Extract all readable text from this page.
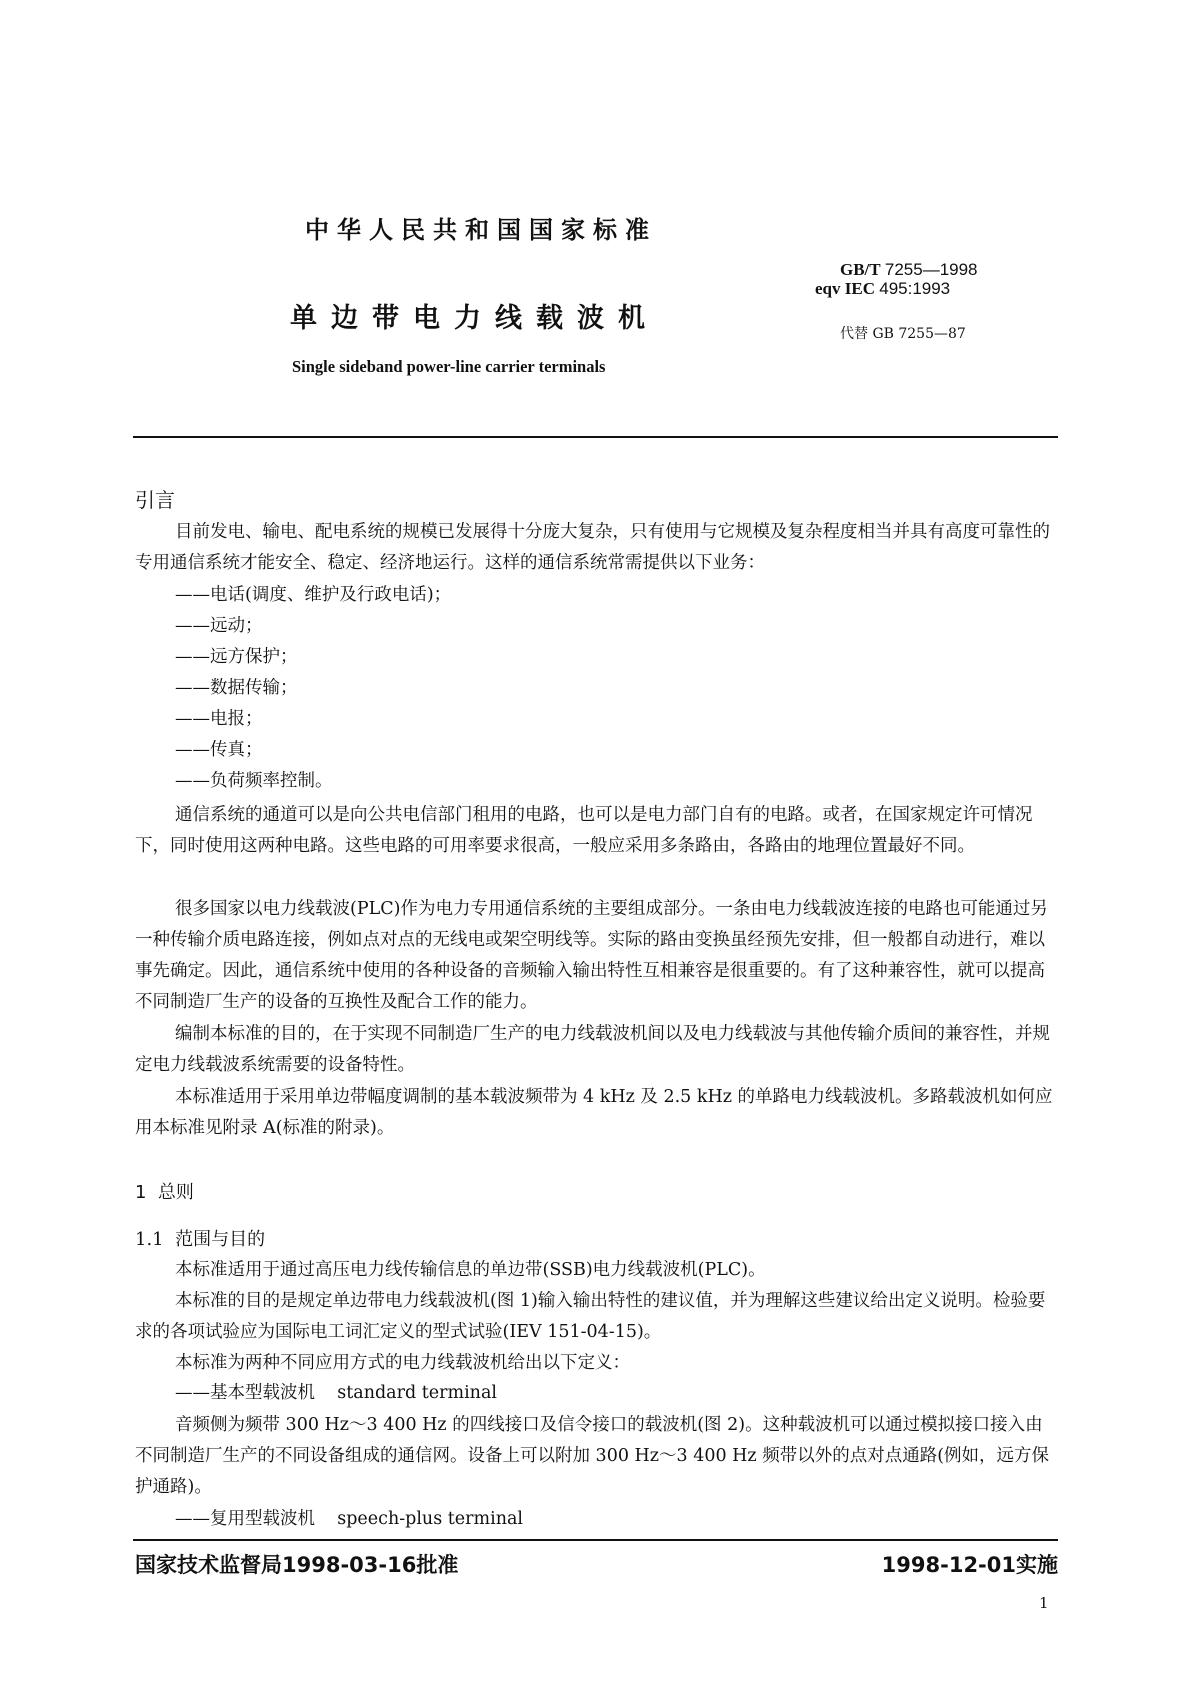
中华人民共和国国家标准
单边带电力线载波机
Single sideband power-line carrier terminals
GB/T 7255—1998
eqv IEC 495:1993
代替 GB 7255—87
引言
目前发电、输电、配电系统的规模已发展得十分庞大复杂，只有使用与它规模及复杂程度相当并具有高度可靠性的专用通信系统才能安全、稳定、经济地运行。这样的通信系统常需提供以下业务：
——电话(调度、维护及行政电话)；
——远动；
——远方保护；
——数据传输；
——电报；
——传真；
——负荷频率控制。
通信系统的通道可以是向公共电信部门租用的电路，也可以是电力部门自有的电路。或者，在国家规定许可情况下，同时使用这两种电路。这些电路的可用率要求很高，一般应采用多条路由，各路由的地理位置最好不同。
很多国家以电力线载波(PLC)作为电力专用通信系统的主要组成部分。一条由电力线载波连接的电路也可能通过另一种传输介质电路连接，例如点对点的无线电或架空明线等。实际的路由变换虽经预先安排，但一般都自动进行，难以事先确定。因此，通信系统中使用的各种设备的音频输入输出特性互相兼容是很重要的。有了这种兼容性，就可以提高不同制造厂生产的设备的互换性及配合工作的能力。
编制本标准的目的，在于实现不同制造厂生产的电力线载波机间以及电力线载波与其他传输介质间的兼容性，并规定电力线载波系统需要的设备特性。
本标准适用于采用单边带幅度调制的基本载波频带为 4 kHz 及 2.5 kHz 的单路电力线载波机。多路载波机如何应用本标准见附录 A(标准的附录)。
1  总则
1.1  范围与目的
本标准适用于通过高压电力线传输信息的单边带(SSB)电力线载波机(PLC)。
本标准的目的是规定单边带电力线载波机(图 1)输入输出特性的建议值，并为理解这些建议给出定义说明。检验要求的各项试验应为国际电工词汇定义的型式试验(IEV 151-04-15)。
本标准为两种不同应用方式的电力线载波机给出以下定义：
——基本型载波机    standard terminal
音频侧为频带 300 Hz～3 400 Hz 的四线接口及信令接口的载波机(图 2)。这种载波机可以通过模拟接口接入由不同制造厂生产的不同设备组成的通信网。设备上可以附加 300 Hz～3 400 Hz 频带以外的点对点通路(例如，远方保护通路)。
——复用型载波机    speech-plus terminal
国家技术监督局1998-03-16批准	1998-12-01实施
1
